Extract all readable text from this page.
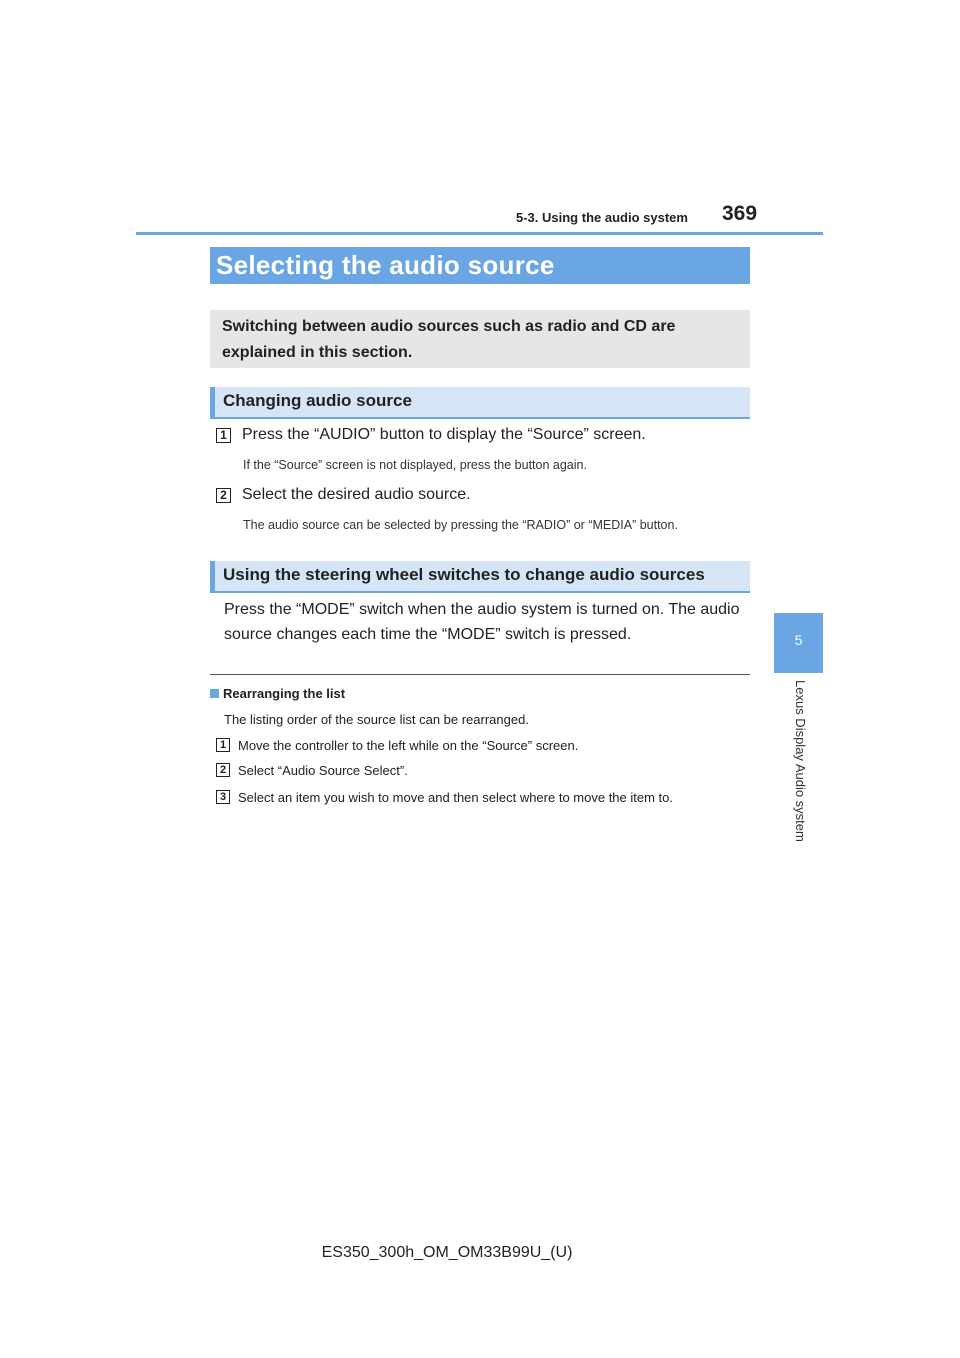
5-3. Using the audio system 369
5
Lexus Display Audio system
Selecting the audio source
Switching between audio sources such as radio and CD are explained in this section.
Changing audio source
1 Press the “AUDIO” button to display the “Source” screen.
If the “Source” screen is not displayed, press the button again.
2 Select the desired audio source.
The audio source can be selected by pressing the “RADIO” or “MEDIA” button.
Using the steering wheel switches to change audio sources
Press the “MODE” switch when the audio system is turned on. The audio
source changes each time the “MODE” switch is pressed.
Rearranging the list
The listing order of the source list can be rearranged.
1 Move the controller to the left while on the “Source” screen.
2 Select “Audio Source Select”.
3 Select an item you wish to move and then select where to move the item to.
ES350_300h_OM_OM33B99U_(U)
